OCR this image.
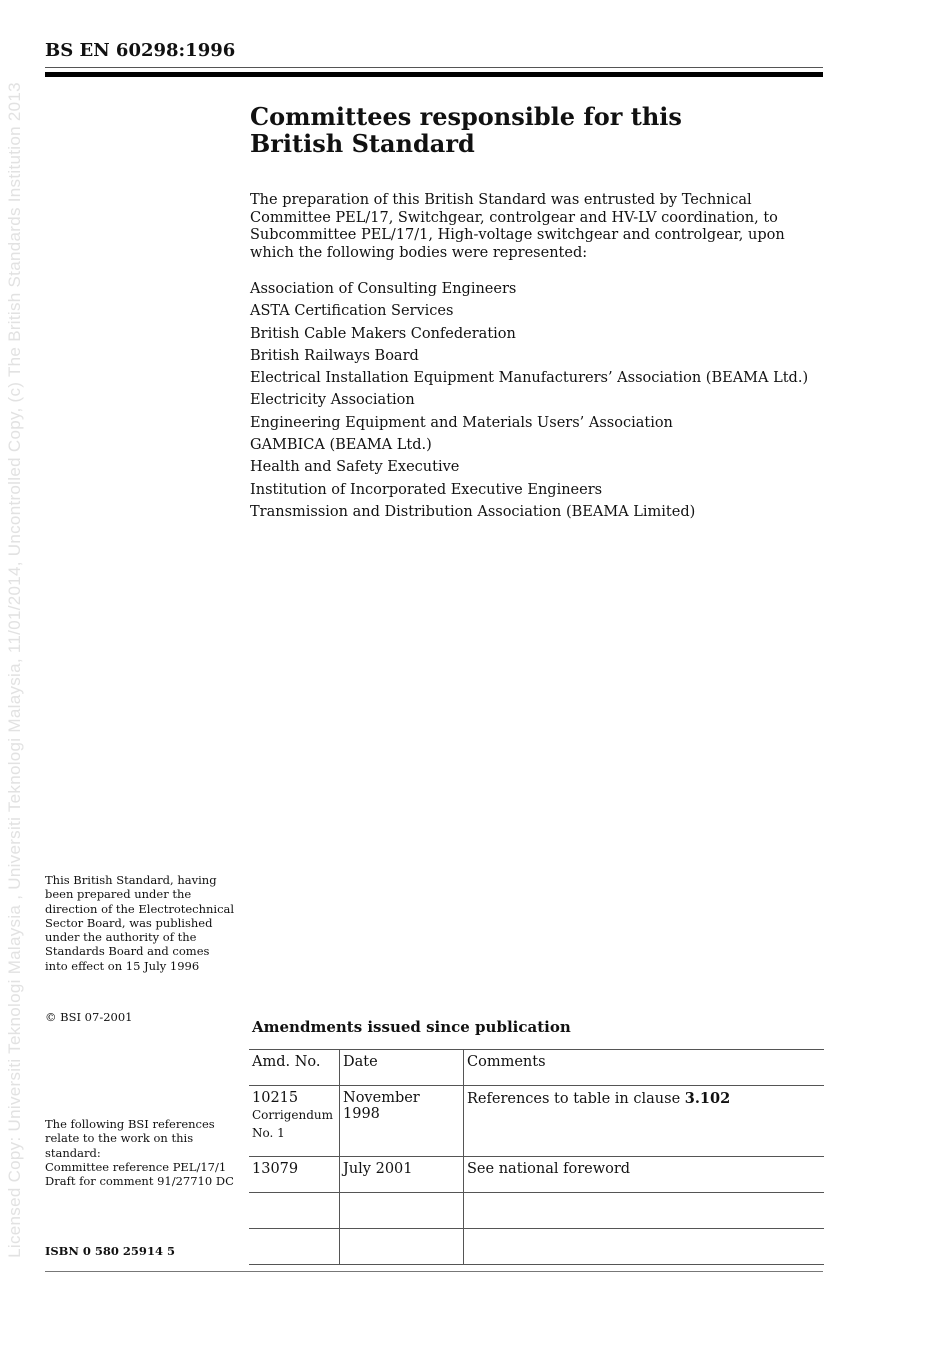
Licensed Copy: Universiti Teknologi Malaysia , Universiti Teknologi Malaysia, 11/01/2014, Uncontrolled Copy, (c) The British Standards Institution 2013
BS EN 60298:1996
Committees responsible for this
British Standard
The preparation of this British Standard was entrusted by Technical Committee PEL/17, Switchgear, controlgear and HV-LV coordination, to Subcommittee PEL/17/1, High-voltage switchgear and controlgear, upon which the following bodies were represented:
Association of Consulting Engineers
ASTA Certification Services
British Cable Makers Confederation
British Railways Board
Electrical Installation Equipment Manufacturers’ Association (BEAMA Ltd.)
Electricity Association
Engineering Equipment and Materials Users’ Association
GAMBICA (BEAMA Ltd.)
Health and Safety Executive
Institution of Incorporated Executive Engineers
Transmission and Distribution Association (BEAMA Limited)
This British Standard, having been prepared under the direction of the Electrotechnical Sector Board, was published under the authority of the Standards Board and comes into effect on 15 July 1996
© BSI 07-2001
The following BSI references relate to the work on this standard:
Committee reference PEL/17/1
Draft for comment 91/27710 DC
ISBN 0 580 25914 5
Amendments issued since publication
Amd. No.	Date	Comments

10215
Corrigendum
No. 1	November 1998	References to table in clause 3.102
13079	July 2001	See national foreword
